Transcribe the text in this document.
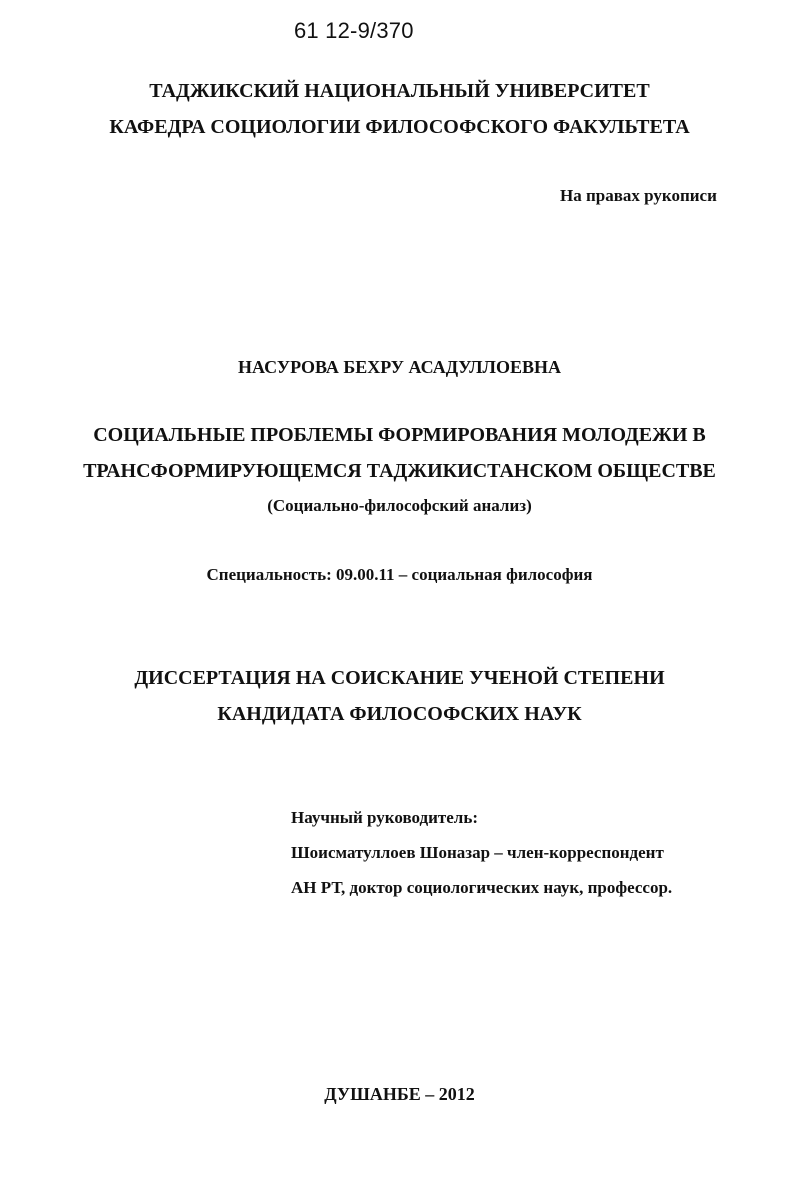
61 12-9/370
ТАДЖИКСКИЙ НАЦИОНАЛЬНЫЙ УНИВЕРСИТЕТ
КАФЕДРА СОЦИОЛОГИИ ФИЛОСОФСКОГО ФАКУЛЬТЕТА
На правах рукописи
НАСУРОВА БЕХРУ АСАДУЛЛОЕВНА
СОЦИАЛЬНЫЕ ПРОБЛЕМЫ ФОРМИРОВАНИЯ МОЛОДЕЖИ В
ТРАНСФОРМИРУЮЩЕМСЯ ТАДЖИКИСТАНСКОМ ОБЩЕСТВЕ
(Социально-философский анализ)
Специальность: 09.00.11 – социальная философия
ДИССЕРТАЦИЯ НА СОИСКАНИЕ УЧЕНОЙ СТЕПЕНИ
КАНДИДАТА ФИЛОСОФСКИХ НАУК
Научный руководитель:
Шоисматуллоев Шоназар – член-корреспондент
АН РТ, доктор социологических наук, профессор.
ДУШАНБЕ – 2012
